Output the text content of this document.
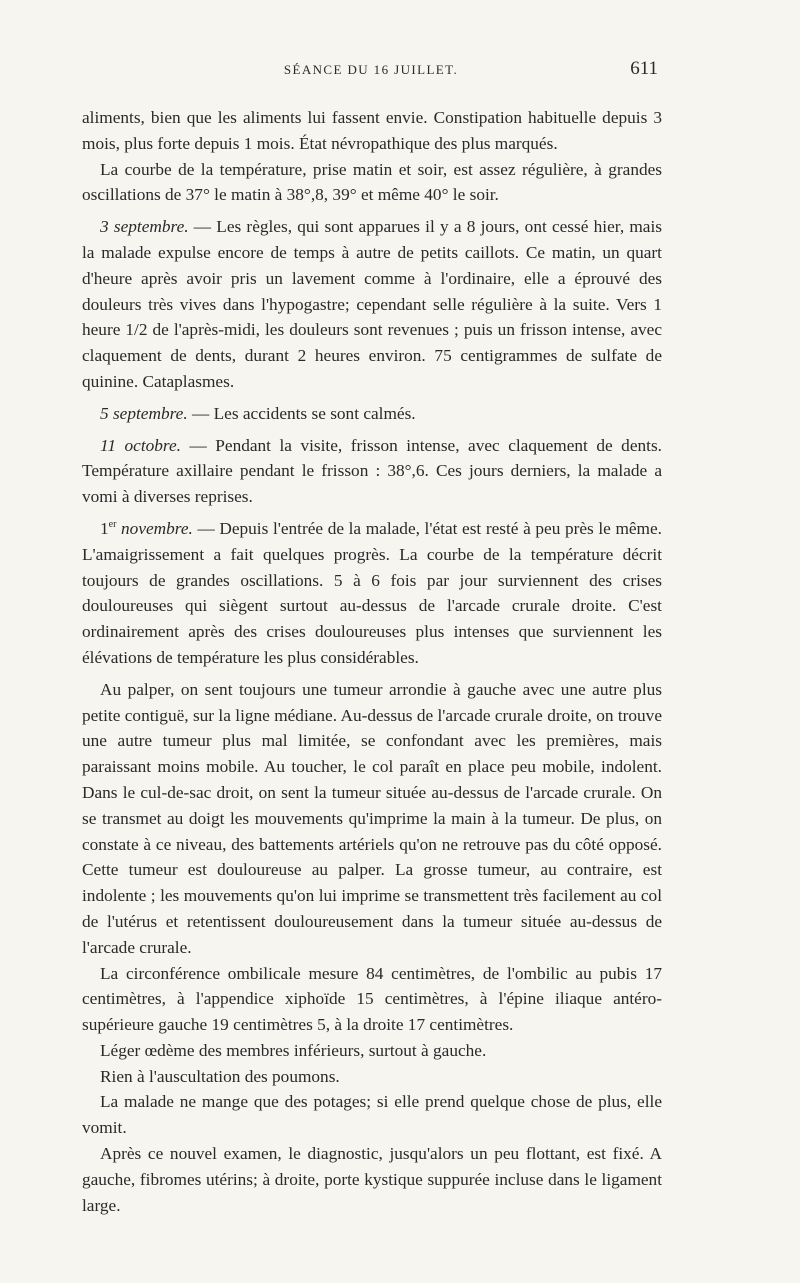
SÉANCE DU 16 JUILLET.	611

aliments, bien que les aliments lui fassent envie. Constipation habituelle depuis 3 mois, plus forte depuis 1 mois. État névropathique des plus marqués.

La courbe de la température, prise matin et soir, est assez régulière, à grandes oscillations de 37° le matin à 38°,8, 39° et même 40° le soir.

3 septembre. — Les règles, qui sont apparues il y a 8 jours, ont cessé hier, mais la malade expulse encore de temps à autre de petits caillots. Ce matin, un quart d'heure après avoir pris un lavement comme à l'ordinaire, elle a éprouvé des douleurs très vives dans l'hypogastre; cependant selle régulière à la suite. Vers 1 heure 1/2 de l'après-midi, les douleurs sont revenues ; puis un frisson intense, avec claquement de dents, durant 2 heures environ. 75 centigrammes de sulfate de quinine. Cataplasmes.

5 septembre. — Les accidents se sont calmés.

11 octobre. — Pendant la visite, frisson intense, avec claquement de dents. Température axillaire pendant le frisson : 38°,6. Ces jours derniers, la malade a vomi à diverses reprises.

1er novembre. — Depuis l'entrée de la malade, l'état est resté à peu près le même. L'amaigrissement a fait quelques progrès. La courbe de la température décrit toujours de grandes oscillations. 5 à 6 fois par jour surviennent des crises douloureuses qui siègent surtout au-dessus de l'arcade crurale droite. C'est ordinairement après des crises douloureuses plus intenses que surviennent les élévations de température les plus considérables.

Au palper, on sent toujours une tumeur arrondie à gauche avec une autre plus petite contiguë, sur la ligne médiane. Au-dessus de l'arcade crurale droite, on trouve une autre tumeur plus mal limitée, se confondant avec les premières, mais paraissant moins mobile. Au toucher, le col paraît en place peu mobile, indolent. Dans le cul-de-sac droit, on sent la tumeur située au-dessus de l'arcade crurale. On se transmet au doigt les mouvements qu'imprime la main à la tumeur. De plus, on constate à ce niveau, des battements artériels qu'on ne retrouve pas du côté opposé. Cette tumeur est douloureuse au palper. La grosse tumeur, au contraire, est indolente ; les mouvements qu'on lui imprime se transmettent très facilement au col de l'utérus et retentissent douloureusement dans la tumeur située au-dessus de l'arcade crurale.

La circonférence ombilicale mesure 84 centimètres, de l'ombilic au pubis 17 centimètres, à l'appendice xiphoïde 15 centimètres, à l'épine iliaque antéro-supérieure gauche 19 centimètres 5, à la droite 17 centimètres.

Léger œdème des membres inférieurs, surtout à gauche.

Rien à l'auscultation des poumons.

La malade ne mange que des potages; si elle prend quelque chose de plus, elle vomit.

Après ce nouvel examen, le diagnostic, jusqu'alors un peu flottant, est fixé. A gauche, fibromes utérins; à droite, porte kystique suppurée incluse dans le ligament large.
